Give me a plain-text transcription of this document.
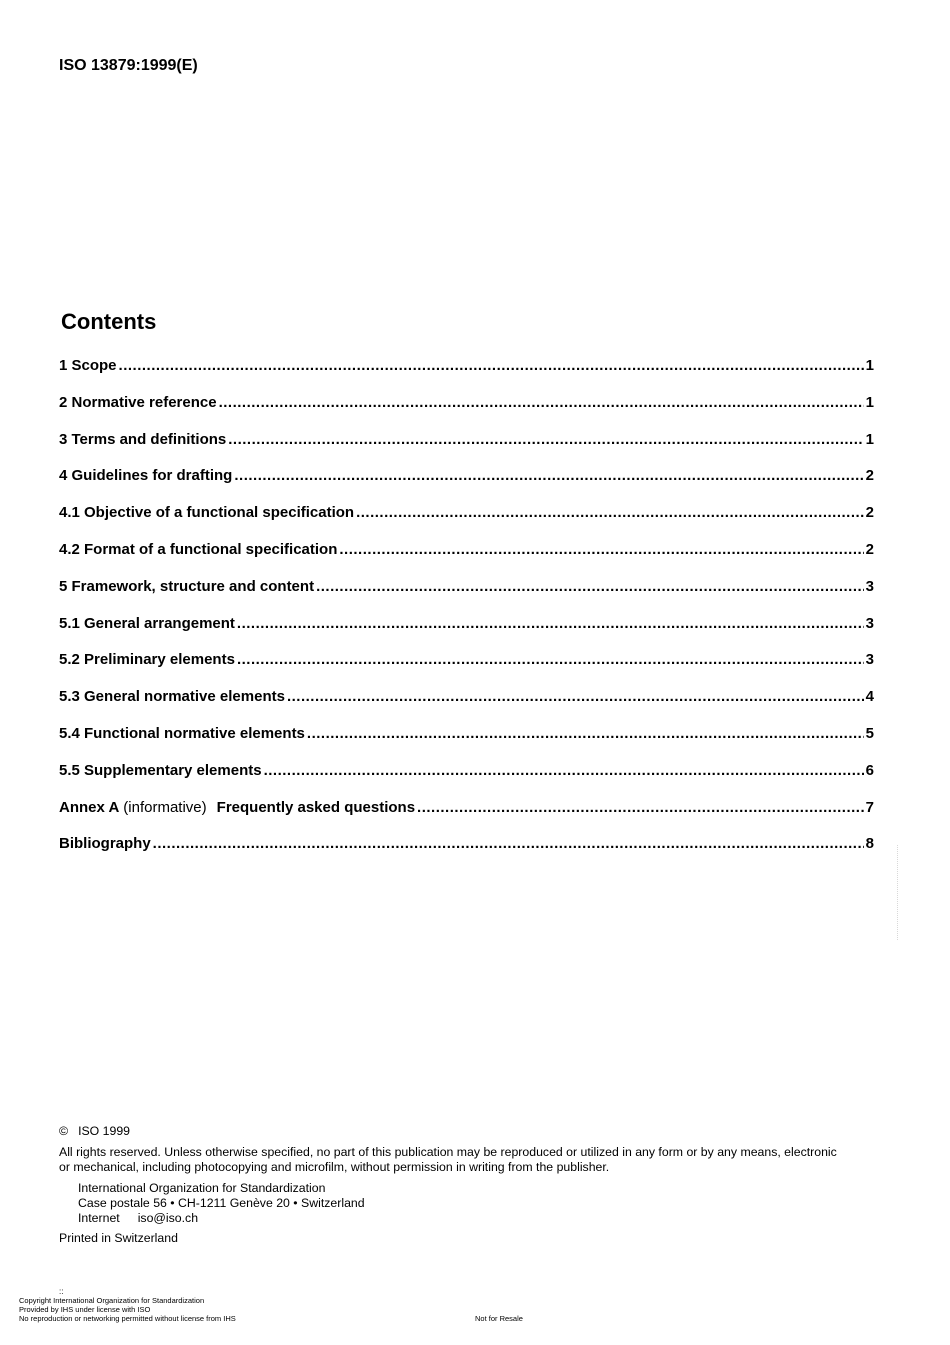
ISO 13879:1999(E)
Contents
1 Scope .....	1
2 Normative reference .....	1
3 Terms and definitions .....	1
4 Guidelines for drafting .....	2
4.1 Objective of a functional specification .....	2
4.2 Format of a functional specification .....	2
5 Framework, structure and content .....	3
5.1 General arrangement .....	3
5.2 Preliminary elements .....	3
5.3 General normative elements .....	4
5.4 Functional normative elements .....	5
5.5 Supplementary elements .....	6
Annex A (informative) Frequently asked questions .....	7
Bibliography .....	8
© ISO 1999
All rights reserved. Unless otherwise specified, no part of this publication may be reproduced or utilized in any form or by any means, electronic
or mechanical, including photocopying and microfilm, without permission in writing from the publisher.
International Organization for Standardization
Case postale 56 • CH-1211 Genève 20 • Switzerland
Internet iso@iso.ch
Printed in Switzerland
::
Copyright International Organization for Standardization
Provided by IHS under license with ISO
No reproduction or networking permitted without license from IHS	Not for Resale
